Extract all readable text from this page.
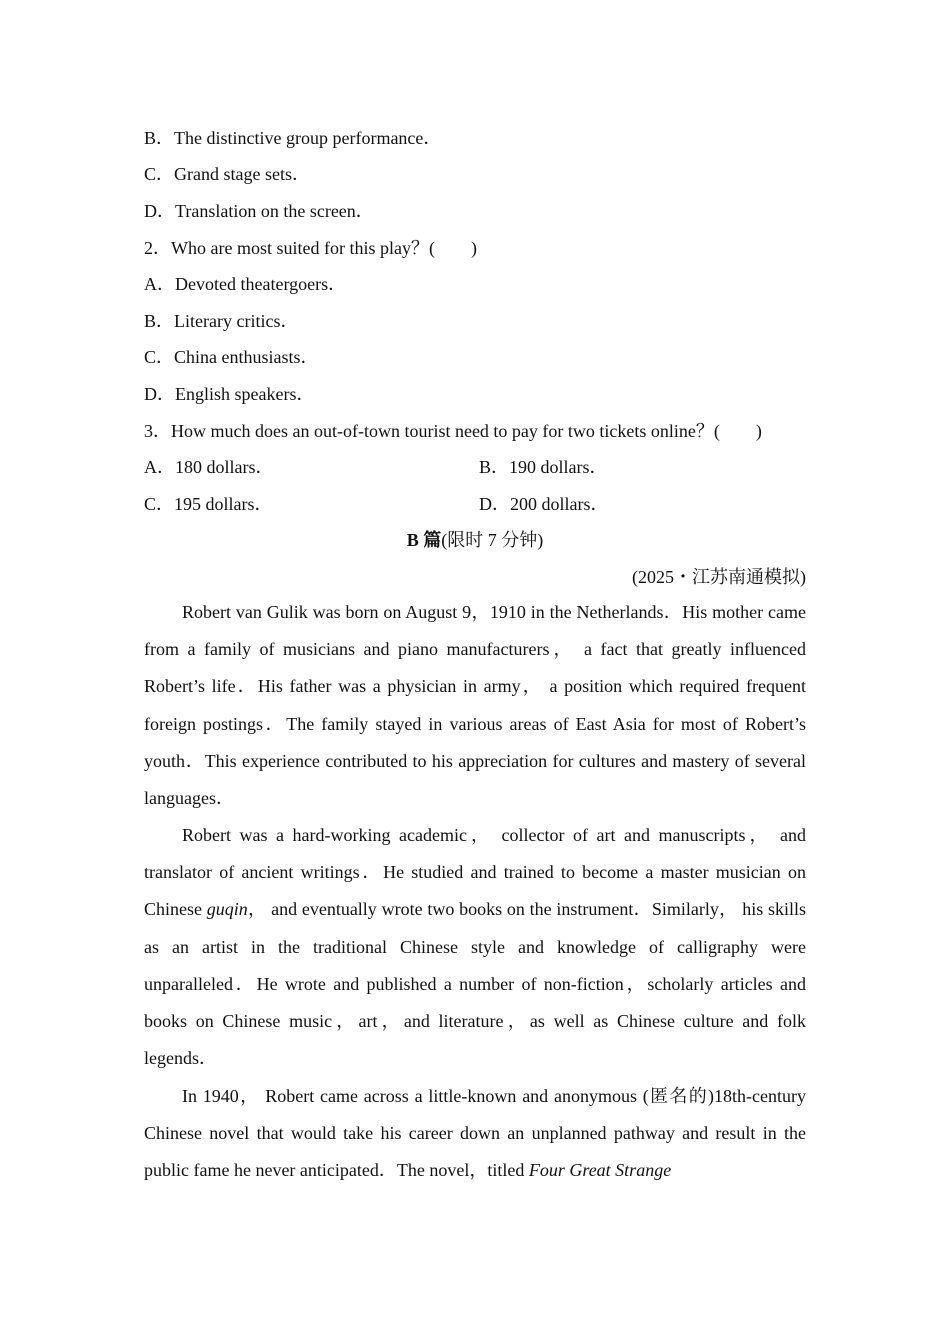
B．The distinctive group performance．
C．Grand stage sets．
D．Translation on the screen．
2．Who are most suited for this play？(　　)
A．Devoted theatergoers．
B．Literary critics．
C．China enthusiasts．
D．English speakers．
3．How much does an out-of-town tourist need to pay for two tickets online？(　　)
A．180 dollars．	B．190 dollars．
C．195 dollars．	D．200 dollars．
B 篇(限时 7 分钟)
(2025・江苏南通模拟)

Robert van Gulik was born on August 9，1910 in the Netherlands．His mother came from a family of musicians and piano manufacturers， a fact that greatly influenced Robert’s life．His father was a physician in army， a position which required frequent foreign postings．The family stayed in various areas of East Asia for most of Robert’s youth．This experience contributed to his appreciation for cultures and mastery of several languages．

Robert was a hard-working academic， collector of art and manuscripts， and translator of ancient writings．He studied and trained to become a master musician on Chinese guqin， and eventually wrote two books on the instrument．Similarly， his skills as an artist in the traditional Chinese style and knowledge of calligraphy were unparalleled．He wrote and published a number of non-fiction，scholarly articles and books on Chinese music，art，and literature，as well as Chinese culture and folk legends．

In 1940， Robert came across a little-known and anonymous (匿名的)18th-century Chinese novel that would take his career down an unplanned pathway and result in the public fame he never anticipated．The novel，titled Four Great Strange
